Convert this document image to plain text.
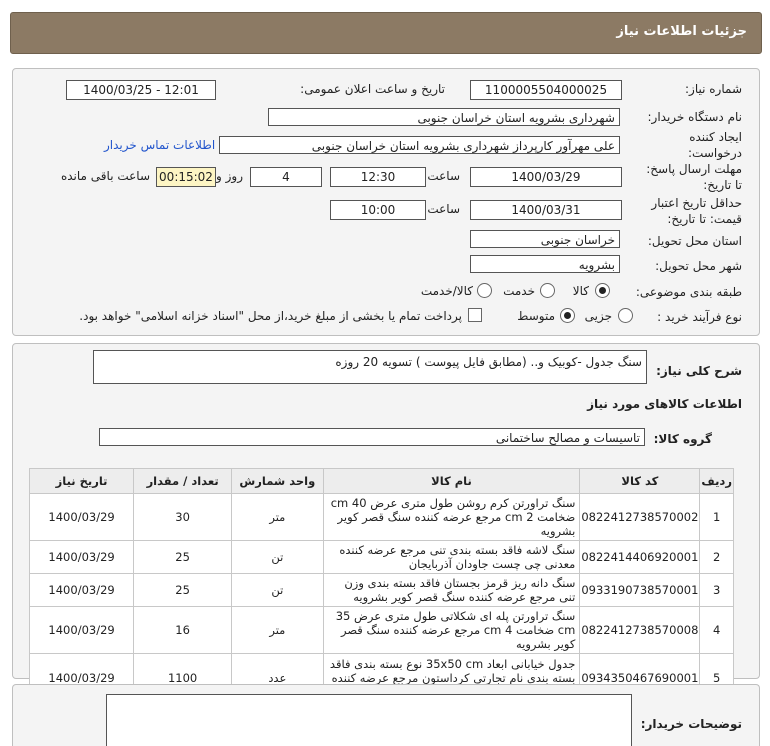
جزئیات اطلاعات نیاز
شماره نیاز:
1100005504000025
تاریخ و ساعت اعلان عمومی:
1400/03/25 - 12:01
نام دستگاه خریدار:
شهرداری بشرویه استان خراسان جنوبی
ایجاد کننده
درخواست:
علی مهرآور کارپرداز شهرداری بشرویه استان خراسان جنوبی
اطلاعات تماس خریدار
مهلت ارسال پاسخ:
تا تاریخ:
1400/03/29
ساعت
12:30
4
روز و
00:15:02
ساعت باقی مانده
حداقل تاریخ اعتبار
قیمت: تا تاریخ:
1400/03/31
ساعت
10:00
استان محل تحویل:
خراسان جنوبی
شهر محل تحویل:
بشرویه
طبقه بندی موضوعی:
کالا
خدمت
کالا/خدمت
نوع فرآیند خرید :
جزیی
متوسط
پرداخت تمام یا بخشی از مبلغ خرید،از محل "اسناد خزانه اسلامی" خواهد بود.
شرح کلی نیاز:
سنگ جدول -کوبیک و.. (مطابق فایل پیوست ) تسویه 20 روزه
اطلاعات کالاهای مورد نیاز
گروه کالا:
تاسیسات و مصالح ساختمانی
تاریخ نیاز	تعداد / مقدار	واحد شمارش	نام کالا	کد کالا	ردیف
1400/03/29	30	متر	سنگ تراورتن کرم روشن طول متری عرض 40 cm ضخامت 2 cm مرجع عرضه کننده سنگ قصر کویر بشرویه	0822412738570002	1
1400/03/29	25	تن	سنگ لاشه فاقد بسته بندی تنی مرجع عرضه کننده معدنی چی چست جاودان آذربایجان	0822414406920001	2
1400/03/29	25	تن	سنگ دانه ریز قرمز بجستان فاقد بسته بندی وزن تنی مرجع عرضه کننده سنگ قصر کویر بشرویه	0933190738570001	3
1400/03/29	16	متر	سنگ تراورتن پله ای شکلاتی طول متری عرض 35 cm ضخامت 4 cm مرجع عرضه کننده سنگ قصر کویر بشرویه	0822412738570008	4
1400/03/29	1100	عدد	جدول خیابانی ابعاد 35x50 cm نوع بسته بندی فاقد بسته بندی نام تجارتی کرداستون مرجع عرضه کننده	0934350467690001	5
توضیحات خریدار:
